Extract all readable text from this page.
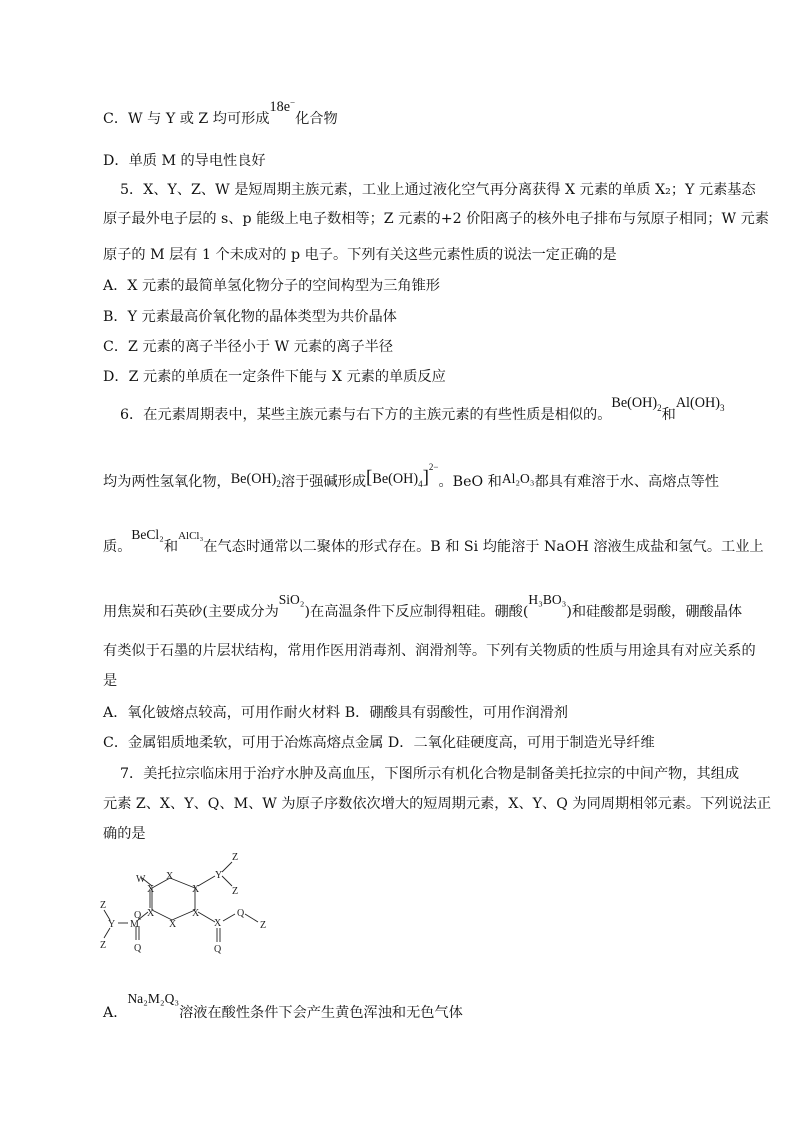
C．W 与 Y 或 Z 均可形成18e−化合物
D．单质 M 的导电性良好
5．X、Y、Z、W 是短周期主族元素，工业上通过液化空气再分离获得 X 元素的单质 X₂；Y 元素基态
原子最外电子层的 s、p 能级上电子数相等；Z 元素的+2 价阳离子的核外电子排布与氖原子相同；W 元素
原子的 M 层有 1 个未成对的 p 电子。下列有关这些元素性质的说法一定正确的是
A．X 元素的最简单氢化物分子的空间构型为三角锥形
B．Y 元素最高价氧化物的晶体类型为共价晶体
C．Z 元素的离子半径小于 W 元素的离子半径
D．Z 元素的单质在一定条件下能与 X 元素的单质反应
6．在元素周期表中，某些主族元素与右下方的主族元素的有些性质是相似的。$Be(OH)_2$和$Al(OH)_3$
均为两性氢氧化物，$Be(OH)_2$溶于强碱形成$[Be(OH)_4]^{2-}$。BeO 和Al₂O₃都具有难溶于水、高熔点等性
质。BeCl₂和$^{AlCl_3}$在气态时通常以二聚体的形式存在。B 和 Si 均能溶于 NaOH 溶液生成盐和氢气。工业上
用焦炭和石英砂(主要成分为SiO₂)在高温条件下反应制得粗硅。硼酸(H₃BO₃)和硅酸都是弱酸，硼酸晶体
有类似于石墨的片层状结构，常用作医用消毒剂、润滑剂等。下列有关物质的性质与用途具有对应关系的
是
A．氧化铍熔点较高，可用作耐火材料 B．硼酸具有弱酸性，可用作润滑剂
C．金属铝质地柔软，可用于冶炼高熔点金属 D．二氧化硅硬度高，可用于制造光导纤维
7．美托拉宗临床用于治疗水肿及高血压，下图所示有机化合物是制备美托拉宗的中间产物，其组成
元素 Z、X、Y、Q、M、W 为原子序数依次增大的短周期元素，X、Y、Q 为同周期相邻元素。下列说法正
确的是
W
X
X
X
X
X
X
X
Y
Y
Z
Z
Z
Z
Z
M
Q	Q
Q
Q
A．Na₂M₂Q₃溶液在酸性条件下会产生黄色浑浊和无色气体
